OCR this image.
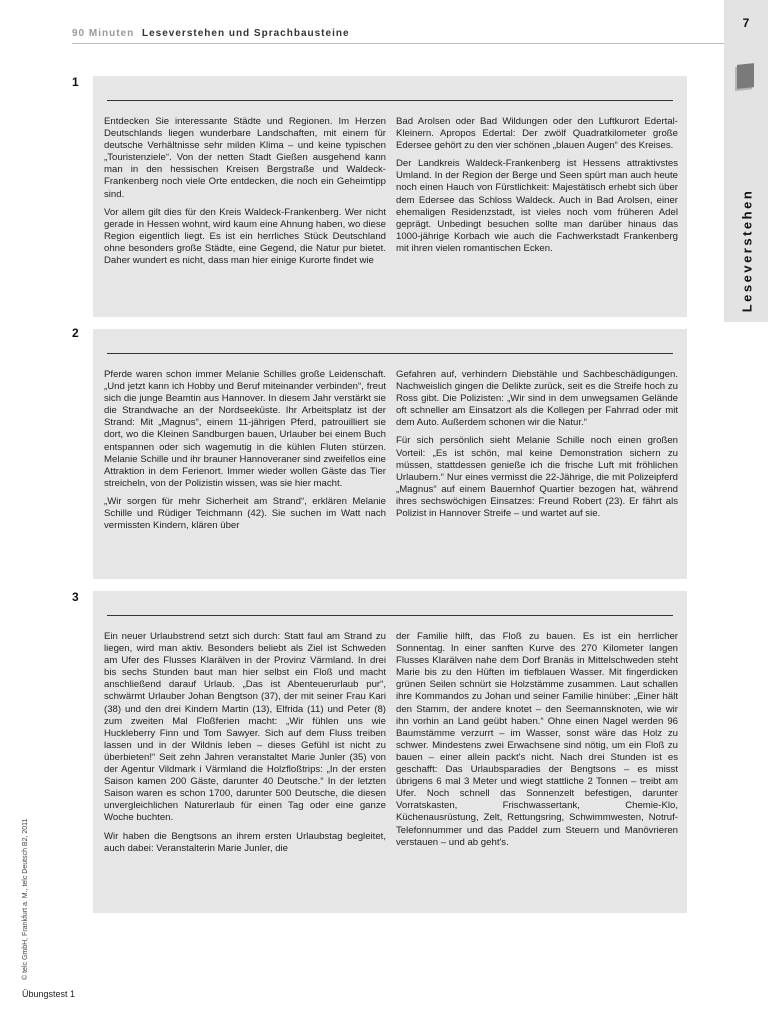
90 Minuten Leseverstehen und Sprachbausteine
7
Leseverstehen
1

Entdecken Sie interessante Städte und Regionen. Im Herzen Deutschlands liegen wunderbare Landschaften, mit einem für deutsche Verhältnisse sehr milden Klima – und keine typischen „Touristenziele“. Von der netten Stadt Gießen ausgehend kann man in den hessischen Kreisen Bergstraße und Waldeck-Frankenberg noch viele Orte entdecken, die noch ein Geheimtipp sind.

Vor allem gilt dies für den Kreis Waldeck-Frankenberg. Wer nicht gerade in Hessen wohnt, wird kaum eine Ahnung haben, wo diese Region eigentlich liegt. Es ist ein herrliches Stück Deutschland ohne besonders große Städte, eine Gegend, die Natur pur bietet. Daher wundert es nicht, dass man hier einige Kurorte findet wie

Bad Arolsen oder Bad Wildungen oder den Luftkurort Edertal-Kleinern. Apropos Edertal: Der zwölf Quadratkilometer große Edersee gehört zu den vier schönen „blauen Augen“ des Kreises.

Der Landkreis Waldeck-Frankenberg ist Hessens attraktivstes Umland. In der Region der Berge und Seen spürt man auch heute noch einen Hauch von Fürstlichkeit: Majestätisch erhebt sich über dem Edersee das Schloss Waldeck. Auch in Bad Arolsen, einer ehemaligen Residenzstadt, ist vieles noch vom früheren Adel geprägt. Unbedingt besuchen sollte man darüber hinaus das 1000-jährige Korbach wie auch die Fachwerkstadt Frankenberg mit ihren vielen romantischen Ecken.

2

Pferde waren schon immer Melanie Schilles große Leidenschaft. „Und jetzt kann ich Hobby und Beruf miteinander verbinden“, freut sich die junge Beamtin aus Hannover. In diesem Jahr verstärkt sie die Strandwache an der Nordseeküste. Ihr Arbeitsplatz ist der Strand: Mit „Magnus“, einem 11-jährigen Pferd, patrouilliert sie dort, wo die Kleinen Sandburgen bauen, Urlauber bei einem Buch entspannen oder sich wagemutig in die kühlen Fluten stürzen. Melanie Schille und ihr brauner Hannoveraner sind zweifellos eine Attraktion in dem Ferienort. Immer wieder wollen Gäste das Tier streicheln, von der Polizistin wissen, was sie hier macht.

„Wir sorgen für mehr Sicherheit am Strand“, erklären Melanie Schille und Rüdiger Teichmann (42). Sie suchen im Watt nach vermissten Kindern, klären über

Gefahren auf, verhindern Diebstähle und Sachbeschädigungen. Nachweislich gingen die Delikte zurück, seit es die Streife hoch zu Ross gibt. Die Polizisten: „Wir sind in dem unwegsamen Gelände oft schneller am Einsatzort als die Kollegen per Fahrrad oder mit dem Auto. Außerdem schonen wir die Natur.“

Für sich persönlich sieht Melanie Schille noch einen großen Vorteil: „Es ist schön, mal keine Demonstration sichern zu müssen, stattdessen genieße ich die frische Luft mit fröhlichen Urlaubern.“ Nur eines vermisst die 22-Jährige, die mit Polizeipferd „Magnus“ auf einem Bauernhof Quartier bezogen hat, während ihres sechswöchigen Einsatzes: Freund Robert (23). Er fährt als Polizist in Hannover Streife – und wartet auf sie.

3

Ein neuer Urlaubstrend setzt sich durch: Statt faul am Strand zu liegen, wird man aktiv. Besonders beliebt als Ziel ist Schweden am Ufer des Flusses Klarälven in der Provinz Värmland. In drei bis sechs Stunden baut man hier selbst ein Floß und macht anschließend darauf Urlaub. „Das ist Abenteuerurlaub pur“, schwärmt Urlauber Johan Bengtson (37), der mit seiner Frau Kari (38) und den drei Kindern Martin (13), Elfrida (11) und Peter (8) zum zweiten Mal Floßferien macht: „Wir fühlen uns wie Huckleberry Finn und Tom Sawyer. Sich auf dem Fluss treiben lassen und in der Wildnis leben – dieses Gefühl ist nicht zu überbieten!“ Seit zehn Jahren veranstaltet Marie Junler (35) von der Agentur Vildmark i Värmland die Holzfloßtrips: „In der ersten Saison kamen 200 Gäste, darunter 40 Deutsche.“ In der letzten Saison waren es schon 1700, darunter 500 Deutsche, die diesen unvergleichlichen Naturerlaub für einen Tag oder eine ganze Woche buchten.

Wir haben die Bengtsons an ihrem ersten Urlaubstag begleitet, auch dabei: Veranstalterin Marie Junler, die

der Familie hilft, das Floß zu bauen. Es ist ein herrlicher Sonnentag. In einer sanften Kurve des 270 Kilometer langen Flusses Klarälven nahe dem Dorf Branäs in Mittelschweden steht Marie bis zu den Hüften im tiefblauen Wasser. Mit fingerdicken grünen Seilen schnürt sie Holzstämme zusammen. Laut schallen ihre Kommandos zu Johan und seiner Familie hinüber: „Einer hält den Stamm, der andere knotet – den Seemannsknoten, wie wir ihn vorhin an Land geübt haben.“ Ohne einen Nagel werden 96 Baumstämme verzurrt – im Wasser, sonst wäre das Holz zu schwer. Mindestens zwei Erwachsene sind nötig, um ein Floß zu bauen – einer allein packt's nicht. Nach drei Stunden ist es geschafft: Das Urlaubsparadies der Bengtsons – es misst übrigens 6 mal 3 Meter und wiegt stattliche 2 Tonnen – treibt am Ufer. Noch schnell das Sonnenzelt befestigen, darunter Vorratskasten, Frischwassertank, Chemie-Klo, Küchenausrüstung, Zelt, Rettungsring, Schwimmwesten, Notruf-Telefonnummer und das Paddel zum Steuern und Manövrieren verstauen – und ab geht's.

© telc GmbH, Frankfurt a. M., telc Deutsch B2, 2011
Übungstest 1
